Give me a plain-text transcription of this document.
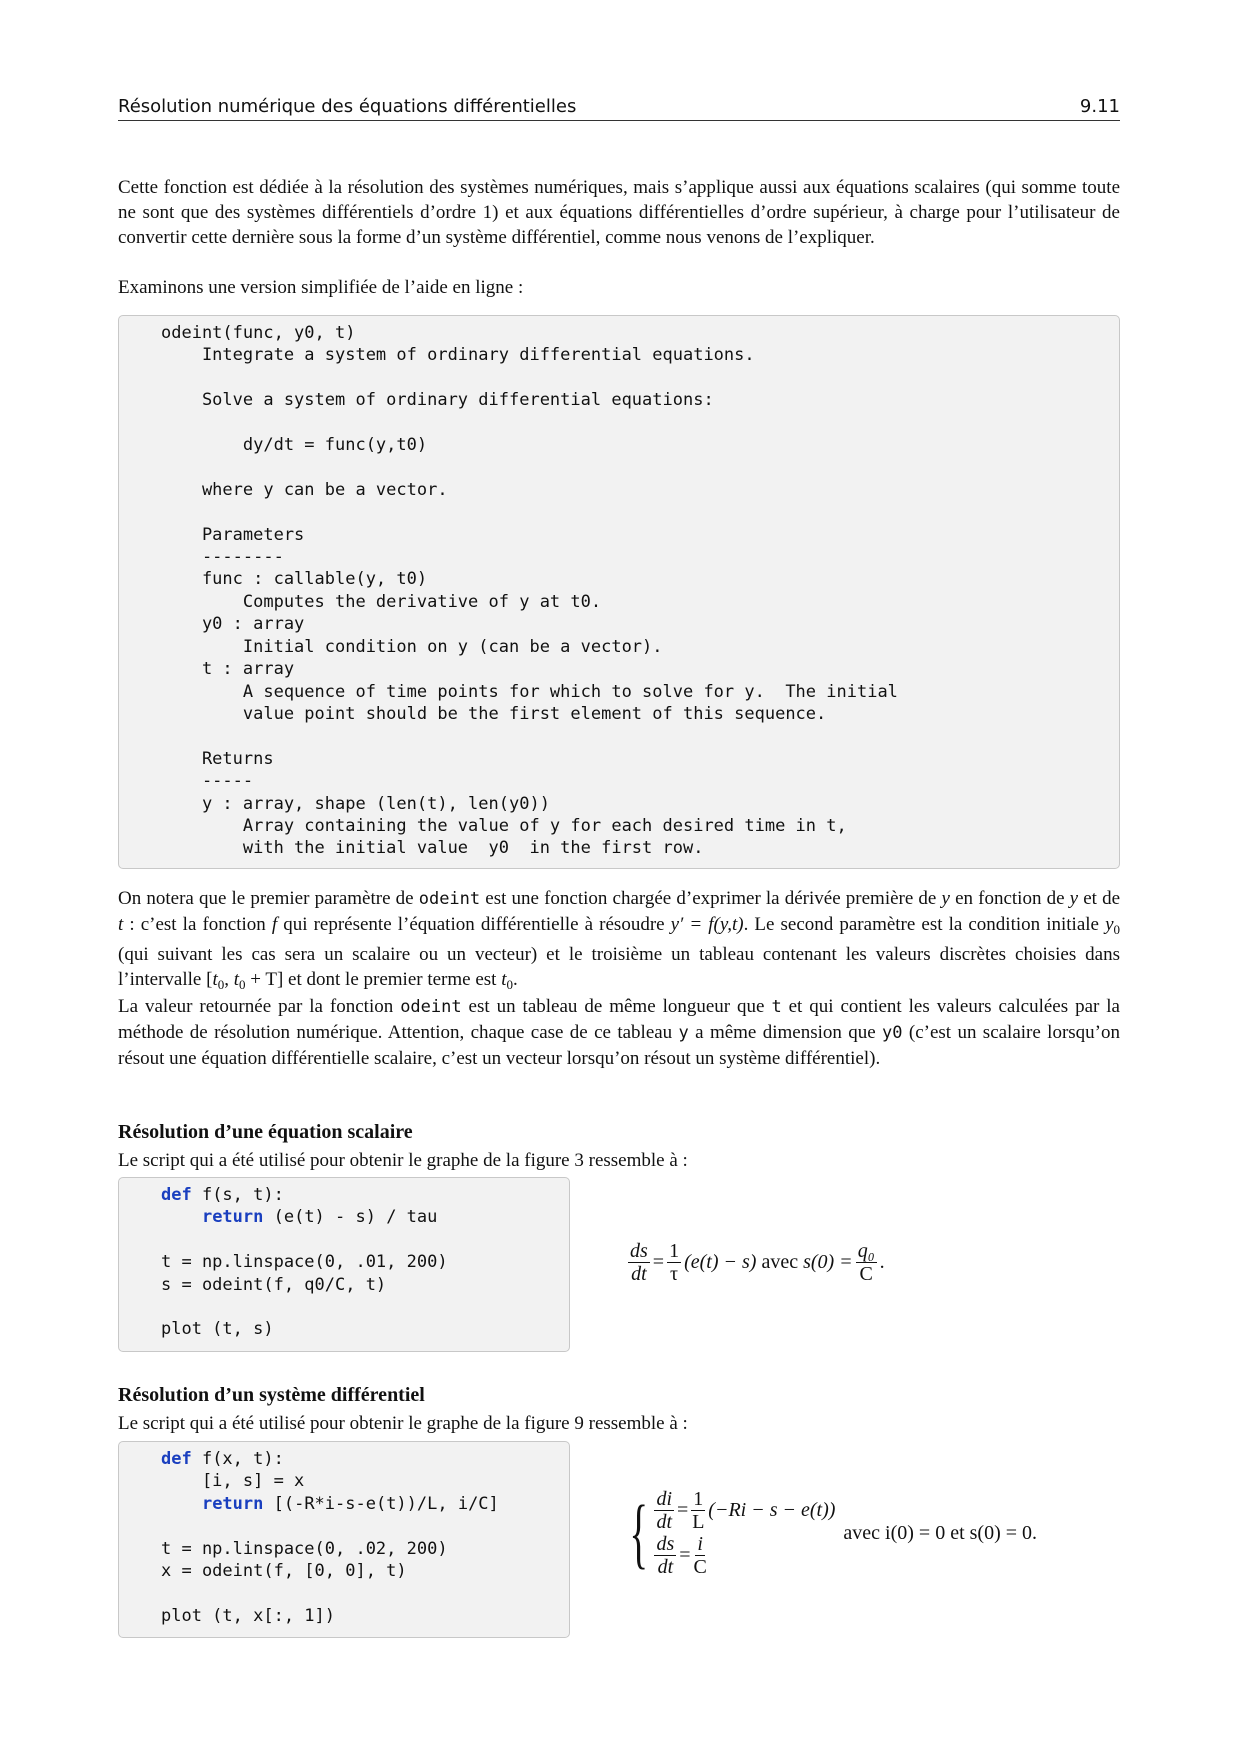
Résolution numérique des équations différentielles	9.11
Cette fonction est dédiée à la résolution des systèmes numériques, mais s’applique aussi aux équations scalaires (qui somme toute ne sont que des systèmes différentiels d’ordre 1) et aux équations différentielles d’ordre supérieur, à charge pour l’utilisateur de convertir cette dernière sous la forme d’un système différentiel, comme nous venons de l’expliquer.
Examinons une version simplifiée de l’aide en ligne :
odeint(func, y0, t)
Integrate a system of ordinary differential equations.

Solve a system of ordinary differential equations:

dy/dt = func(y,t0)

where y can be a vector.

Parameters
--------
func : callable(y, t0)
Computes the derivative of y at t0.
y0 : array
Initial condition on y (can be a vector).
t : array
A sequence of time points for which to solve for y.  The initial
value point should be the first element of this sequence.

Returns
-----
y : array, shape (len(t), len(y0))
Array containing the value of y for each desired time in t,
with the initial value  y0  in the first row.
On notera que le premier paramètre de odeint est une fonction chargée d’exprimer la dérivée première de y en fonction de y et de t : c’est la fonction f qui représente l’équation différentielle à résoudre y′ = f(y,t). Le second paramètre est la condition initiale $y_0$ (qui suivant les cas sera un scalaire ou un vecteur) et le troisième un tableau contenant les valeurs discrètes choisies dans l’intervalle [$t_0$, $t_0 + T$] et dont le premier terme est $t_0$.
La valeur retournée par la fonction odeint est un tableau de même longueur que t et qui contient les valeurs calculées par la méthode de résolution numérique. Attention, chaque case de ce tableau y a même dimension que y0 (c’est un scalaire lorsqu’on résout une équation différentielle scalaire, c’est un vecteur lorsqu’on résout un système différentiel).
Résolution d’une équation scalaire
Le script qui a été utilisé pour obtenir le graphe de la figure 3 ressemble à :
def f(s, t):
return (e(t) - s) / tau

t = np.linspace(0, .01, 200)
s = odeint(f, q0/C, t)

plot (t, s)
$\frac{ds}{dt} = \frac{1}{\tau} (e(t) - s)$
avec
$s(0) = \frac{\text{q₀}}{C}$ .
Résolution d’un système différentiel
Le script qui a été utilisé pour obtenir le graphe de la figure 9 ressemble à :
def f(x, t):
[i, s] = x
return [(-R*i-s-e(t))/L, i/C]

t = np.linspace(0, .02, 200)
x = odeint(f, [0, 0], t)

plot (t, x[:, 1])
{ $\frac{di}{dt} = \frac{1}{L} (-Ri - s - e(t))$
$\frac{ds}{dt} = \frac{i}{C}$
avec i(0) = 0 et s(0) = 0.
